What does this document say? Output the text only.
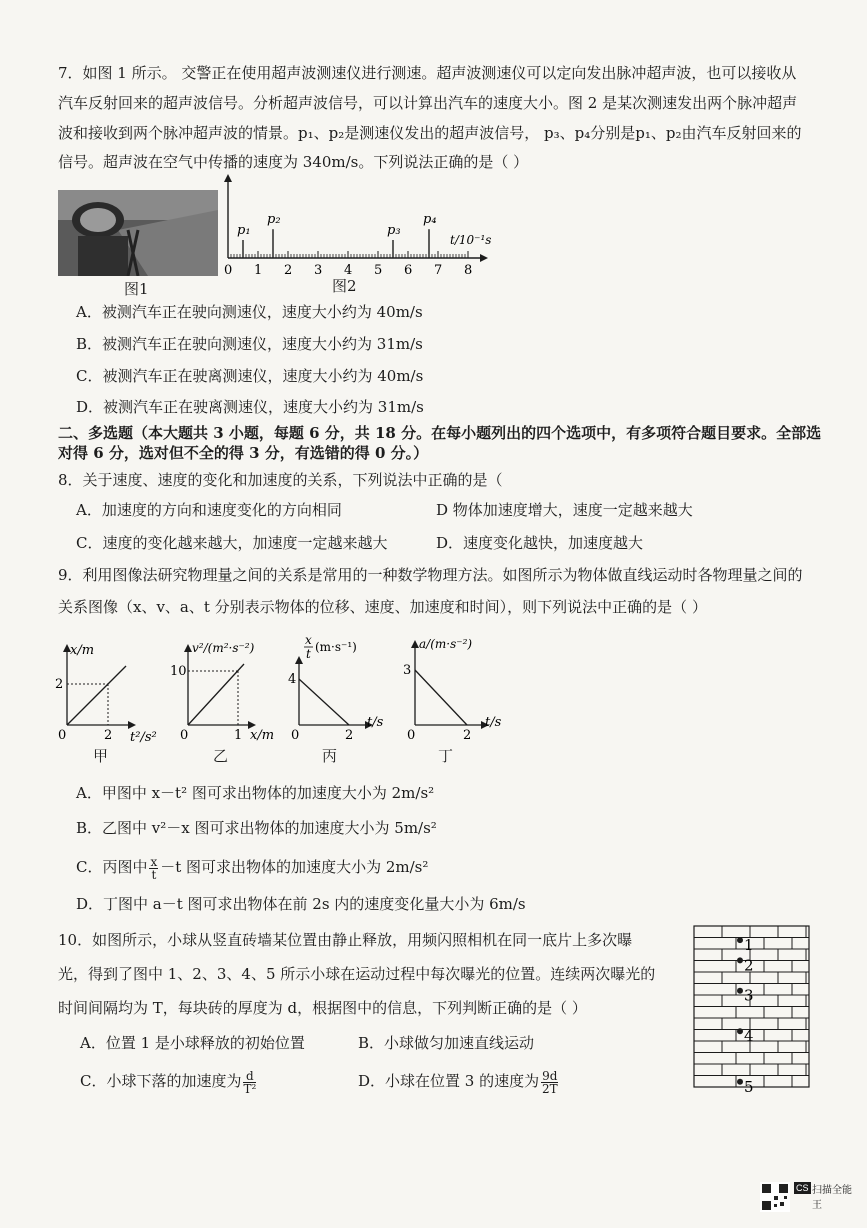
7．如图 1 所示。 交警正在使用超声波测速仪进行测速。超声波测速仪可以定向发出脉冲超声波，也可以接收从
汽车反射回来的超声波信号。分析超声波信号，可以计算出汽车的速度大小。图 2 是某次测速发出两个脉冲超声
波和接收到两个脉冲超声波的情景。p₁、p₂是测速仪发出的超声波信号， p₃、p₄分别是p₁、p₂由汽车反射回来的
信号。超声波在空气中传播的速度为 340m/s。下列说法正确的是（ ）
图1
0 1 2 3 4 5 6 7 8
p₁
p₂
p₃
p₄
t/10⁻¹s
图2
A．被测汽车正在驶向测速仪，速度大小约为 40m/s
B．被测汽车正在驶向测速仪，速度大小约为 31m/s
C．被测汽车正在驶离测速仪，速度大小约为 40m/s
D．被测汽车正在驶离测速仪，速度大小约为 31m/s
二、多选题（本大题共 3 小题，每题 6 分，共 18 分。在每小题列出的四个选项中，有多项符合题目要求。全部选
对得 6 分，选对但不全的得 3 分，有选错的得 0 分。）
8．关于速度、速度的变化和加速度的关系，下列说法中正确的是（
A．加速度的方向和速度变化的方向相同	D 物体加速度增大，速度一定越来越大
C．速度的变化越来越大，加速度一定越来越大	D．速度变化越快，加速度越大
9．利用图像法研究物理量之间的关系是常用的一种数学物理方法。如图所示为物体做直线运动时各物理量之间的
关系图像（x、v、a、t 分别表示物体的位移、速度、加速度和时间），则下列说法中正确的是（ ）
x/m
2
0	2 t²/s²
甲
v²/(m²·s⁻²)
10
0	1 x/m
乙
x
t (m·s⁻¹)
4
0	2
t/s
丙
a/(m·s⁻²)
3
0	2
t/s
丁
A．甲图中 x－t² 图可求出物体的加速度大小为 2m/s²
B．乙图中 v²－x 图可求出物体的加速度大小为 5m/s²
C．丙图中 $\frac{x}{t} -t$ 图可求出物体的加速度大小为 2m/s²
D．丁图中 a－t 图可求出物体在前 2s 内的速度变化量大小为 6m/s
10．如图所示，小球从竖直砖墙某位置由静止释放，用频闪照相机在同一底片上多次曝
光，得到了图中 1、2、3、4、5 所示小球在运动过程中每次曝光的位置。连续两次曝光的
时间间隔均为 T，每块砖的厚度为 d，根据图中的信息，下列判断正确的是（ ）
A．位置 1 是小球释放的初始位置	B．小球做匀加速直线运动
C．小球下落的加速度为 $\frac{d}{\text{T²}}$	D．小球在位置 3 的速度为 $\frac{9d}{2T}$
1
2
3
4
5
CS 扫描全能王
